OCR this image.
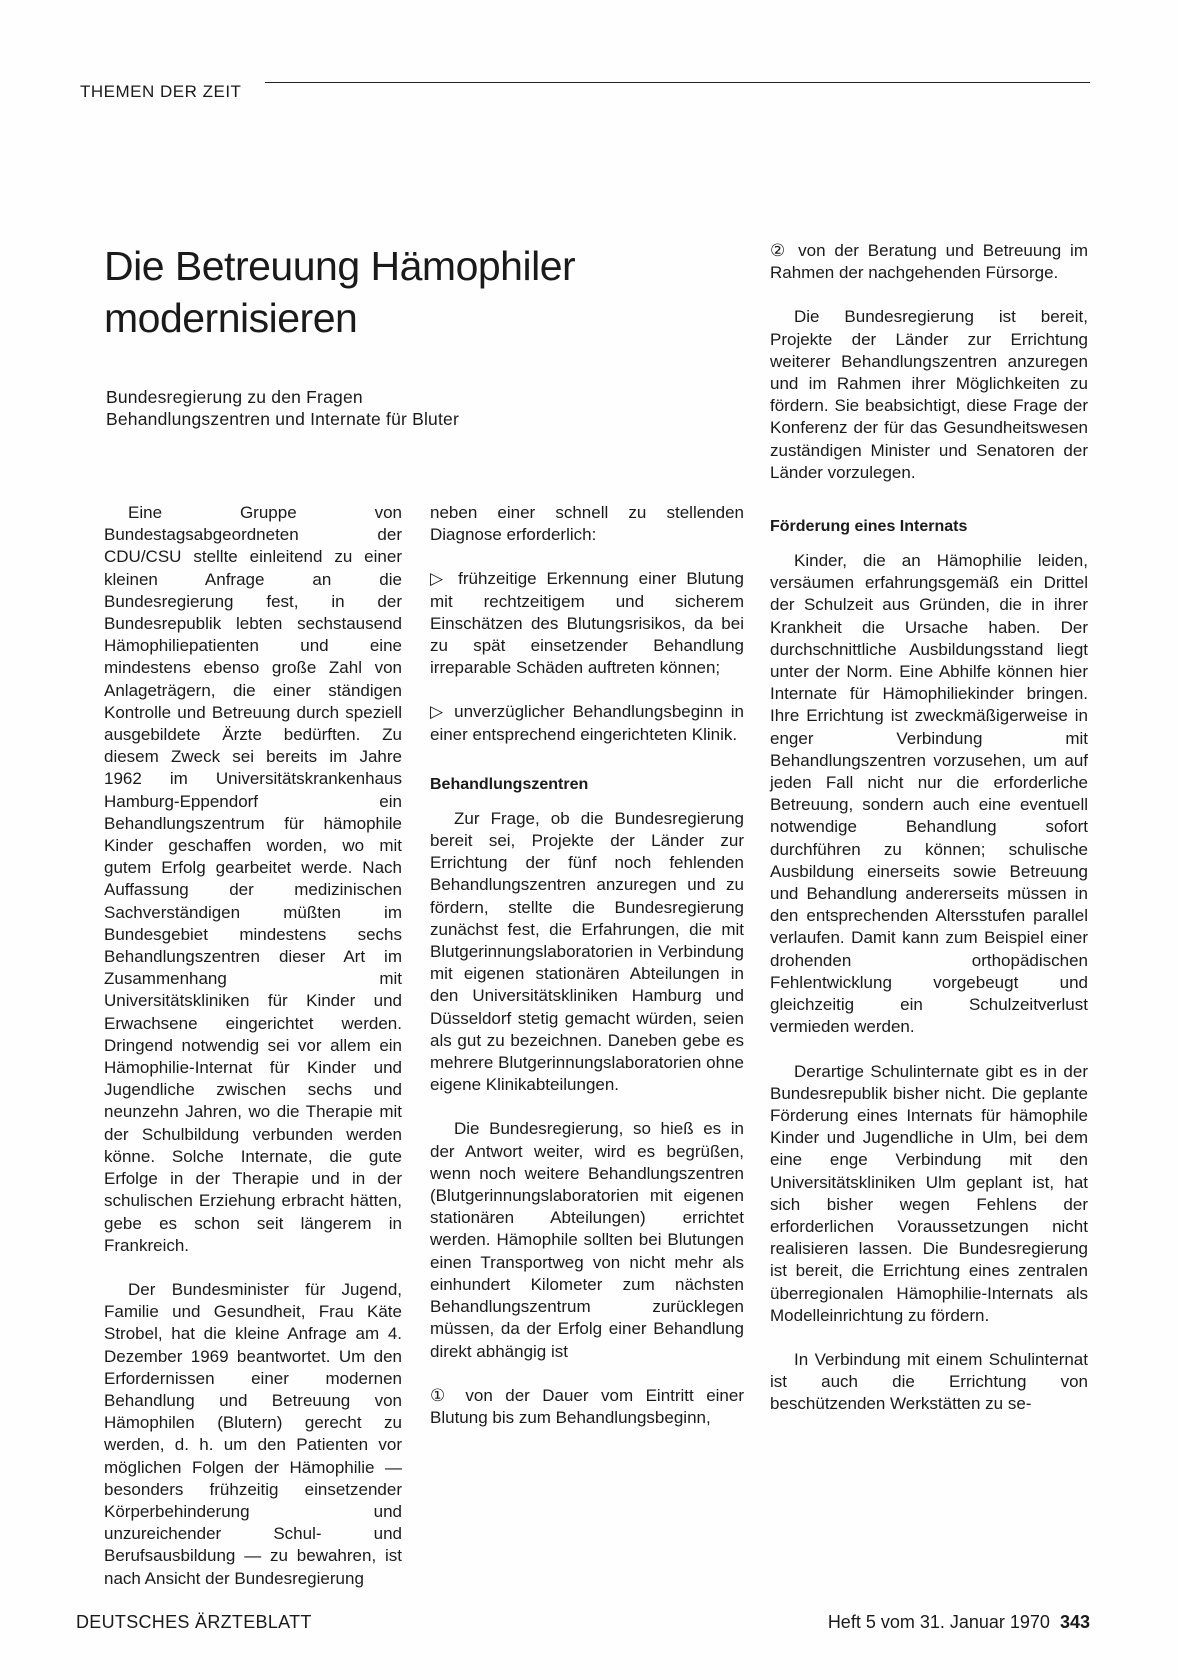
THEMEN DER ZEIT
Die Betreuung Hämophiler
modernisieren

Bundesregierung zu den Fragen
Behandlungszentren und Internate für Bluter

Eine Gruppe von Bundestagsabgeordneten der CDU/CSU stellte einleitend zu einer kleinen Anfrage an die Bundesregierung fest, in der Bundesrepublik lebten sechstausend Hämophiliepatienten und eine mindestens ebenso große Zahl von Anlageträgern, die einer ständigen Kontrolle und Betreuung durch speziell ausgebildete Ärzte bedürften. Zu diesem Zweck sei bereits im Jahre 1962 im Universitätskrankenhaus Hamburg-Eppendorf ein Behandlungszentrum für hämophile Kinder geschaffen worden, wo mit gutem Erfolg gearbeitet werde. Nach Auffassung der medizinischen Sachverständigen müßten im Bundesgebiet mindestens sechs Behandlungszentren dieser Art im Zusammenhang mit Universitätskliniken für Kinder und Erwachsene eingerichtet werden. Dringend notwendig sei vor allem ein Hämophilie-Internat für Kinder und Jugendliche zwischen sechs und neunzehn Jahren, wo die Therapie mit der Schulbildung verbunden werden könne. Solche Internate, die gute Erfolge in der Therapie und in der schulischen Erziehung erbracht hätten, gebe es schon seit längerem in Frankreich.

Der Bundesminister für Jugend, Familie und Gesundheit, Frau Käte Strobel, hat die kleine Anfrage am 4. Dezember 1969 beantwortet. Um den Erfordernissen einer modernen Behandlung und Betreuung von Hämophilen (Blutern) gerecht zu werden, d. h. um den Patienten vor möglichen Folgen der Hämophilie — besonders frühzeitig einsetzender Körperbehinderung und unzureichender Schul- und Berufsausbildung — zu bewahren, ist nach Ansicht der Bundesregierung

neben einer schnell zu stellenden Diagnose erforderlich:

▷ frühzeitige Erkennung einer Blutung mit rechtzeitigem und sicherem Einschätzen des Blutungsrisikos, da bei zu spät einsetzender Behandlung irreparable Schäden auftreten können;

▷ unverzüglicher Behandlungsbeginn in einer entsprechend eingerichteten Klinik.

Behandlungszentren

Zur Frage, ob die Bundesregierung bereit sei, Projekte der Länder zur Errichtung der fünf noch fehlenden Behandlungszentren anzuregen und zu fördern, stellte die Bundesregierung zunächst fest, die Erfahrungen, die mit Blutgerinnungslaboratorien in Verbindung mit eigenen stationären Abteilungen in den Universitätskliniken Hamburg und Düsseldorf stetig gemacht würden, seien als gut zu bezeichnen. Daneben gebe es mehrere Blutgerinnungslaboratorien ohne eigene Klinikabteilungen.

Die Bundesregierung, so hieß es in der Antwort weiter, wird es begrüßen, wenn noch weitere Behandlungszentren (Blutgerinnungslaboratorien mit eigenen stationären Abteilungen) errichtet werden. Hämophile sollten bei Blutungen einen Transportweg von nicht mehr als einhundert Kilometer zum nächsten Behandlungszentrum zurücklegen müssen, da der Erfolg einer Behandlung direkt abhängig ist

① von der Dauer vom Eintritt einer Blutung bis zum Behandlungsbeginn,

② von der Beratung und Betreuung im Rahmen der nachgehenden Fürsorge.

Die Bundesregierung ist bereit, Projekte der Länder zur Errichtung weiterer Behandlungszentren anzuregen und im Rahmen ihrer Möglichkeiten zu fördern. Sie beabsichtigt, diese Frage der Konferenz der für das Gesundheitswesen zuständigen Minister und Senatoren der Länder vorzulegen.

Förderung eines Internats

Kinder, die an Hämophilie leiden, versäumen erfahrungsgemäß ein Drittel der Schulzeit aus Gründen, die in ihrer Krankheit die Ursache haben. Der durchschnittliche Ausbildungsstand liegt unter der Norm. Eine Abhilfe können hier Internate für Hämophiliekinder bringen. Ihre Errichtung ist zweckmäßigerweise in enger Verbindung mit Behandlungszentren vorzusehen, um auf jeden Fall nicht nur die erforderliche Betreuung, sondern auch eine eventuell notwendige Behandlung sofort durchführen zu können; schulische Ausbildung einerseits sowie Betreuung und Behandlung andererseits müssen in den entsprechenden Altersstufen parallel verlaufen. Damit kann zum Beispiel einer drohenden orthopädischen Fehlentwicklung vorgebeugt und gleichzeitig ein Schulzeitverlust vermieden werden.

Derartige Schulinternate gibt es in der Bundesrepublik bisher nicht. Die geplante Förderung eines Internats für hämophile Kinder und Jugendliche in Ulm, bei dem eine enge Verbindung mit den Universitätskliniken Ulm geplant ist, hat sich bisher wegen Fehlens der erforderlichen Voraussetzungen nicht realisieren lassen. Die Bundesregierung ist bereit, die Errichtung eines zentralen überregionalen Hämophilie-Internats als Modelleinrichtung zu fördern.

In Verbindung mit einem Schulinternat ist auch die Errichtung von beschützenden Werkstätten zu se-

DEUTSCHES ÄRZTEBLATT	Heft 5 vom 31. Januar 1970 343
